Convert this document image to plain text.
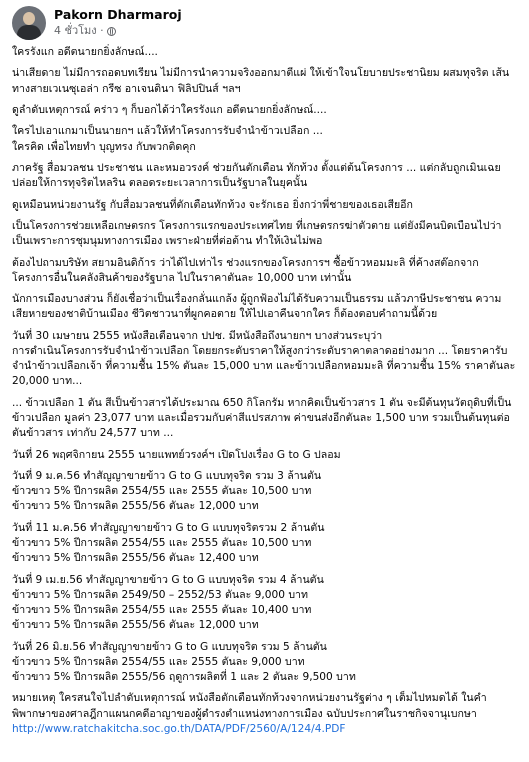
Pakorn Dharmaroj
4 ชั่วโมง ·

ใครรังแก อดีตนายกยิ่งลักษณ์....

น่าเสียดาย ไม่มีการถอดบทเรียน ไม่มีการนำความจริงออกมาตีแผ่ ให้เข้าใจนโยบายประชานิยม ผสมทุจริต เส้นทางสายเวเนซุเอล่า กรีซ อาเจนตินา ฟิลิปปินส์ ฯลฯ

ดูลำดับเหตุการณ์ คร่าว ๆ ก็บอกได้ว่าใครรังแก อดีตนายกยิ่งลักษณ์....

ใครไปเอาแกมาเป็นนายกฯ แล้วให้ทำโครงการรับจำนำข้าวเปลือก ...
ใครคิด เพื่อไทยทำ บุญทรง กับพวกติดคุก

ภาครัฐ สื่อมวลชน ประชาชน และหมอวรงค์ ช่วยกันตักเตือน ทักท้วง ตั้งแต่ต้นโครงการ ... แต่กลับถูกเมินเฉยปล่อยให้การทุจริตไหลริน ตลอดระยะเวลาการเป็นรัฐบาลในยุคนั้น

ดูเหมือนหน่วยงานรัฐ กับสื่อมวลชนที่ตักเตือนทักท้วง จะรักเธอ ยิ่งกว่าพี่ชายของเธอเสียอีก

เป็นโครงการช่วยเหลือเกษตรกร โครงการแรกของประเทศไทย ที่เกษตรกรฆ่าตัวตาย แต่ยังมีคนบิดเบือนไปว่าเป็นเพราะการชุมนุมทางการเมือง เพราะฝ่ายที่ต่อต้าน ทำให้เงินไม่พอ

ต้องไปถามบริษัท สยามอินดิก้าร ว่าได้ไปเท่าไร ช่วงแรกของโครงการฯ ซื้อข้าวหอมมะลิ ที่ค้างสต๊อกจากโครงการอื่นในคลังสินค้าของรัฐบาล ไปในราคาตันละ 10,000 บาท เท่านั้น

นักการเมืองบางส่วน ก็ยังเชื่อว่าเป็นเรื่องกลั่นแกล้ง ผู้ถูกฟ้องไม่ได้รับความเป็นธรรม แล้วภาษีประชาชน ความเสียหายของชาติบ้านเมือง ชีวิตชาวนาที่ผูกคอตาย ให้ไปเอาคืนจากใคร ก็ต้องตอบคำถามนี้ด้วย

วันที่ 30 เมษายน 2555 หนังสือเตือนจาก ปปช. มีหนังสือถึงนายกฯ บางส่วนระบุว่า
การดำเนินโครงการรับจำนำข้าวเปลือก โดยยกระดับราคาให้สูงกว่าระดับราคาตลาดอย่างมาก ... โดยราคารับจำนำข้าวเปลือกเจ้า ที่ความชื้น 15% ตันละ 15,000 บาท และข้าวเปลือกหอมมะลิ ที่ความชื้น 15% ราคาตันละ 20,000 บาท...

... ข้าวเปลือก 1 ตัน สีเป็นข้าวสารได้ประมาณ 650 กิโลกรัม หากคิดเป็นข้าวสาร 1 ตัน จะมีต้นทุนวัตถุดิบที่เป็นข้าวเปลือก มูลค่า 23,077 บาท และเมื่อรวมกับค่าสีแปรสภาพ ค่าขนส่งอีกตันละ 1,500 บาท รวมเป็นต้นทุนต่อตันข้าวสาร เท่ากับ 24,577 บาท ...

วันที่ 26 พฤศจิกายน 2555 นายแพทย์วรงค์ฯ เปิดโปงเรื่อง G to G ปลอม

วันที่ 9 ม.ค.56 ทำสัญญาขายข้าว G to G แบบทุจริต รวม 3 ล้านตัน
ข้าวขาว 5% ปีการผลิต 2554/55 และ 2555 ตันละ 10,500 บาท
ข้าวขาว 5% ปีการผลิต 2555/56 ตันละ 12,000 บาท

วันที่ 11 ม.ค.56 ทำสัญญาขายข้าว G to G แบบทุจริตรวม 2 ล้านตัน
ข้าวขาว 5% ปีการผลิต 2554/55 และ 2555 ตันละ 10,500 บาท
ข้าวขาว 5% ปีการผลิต 2555/56 ตันละ 12,400 บาท

วันที่ 9 เม.ย.56 ทำสัญญาขายข้าว G to G แบบทุจริต รวม 4 ล้านตัน
ข้าวขาว 5% ปีการผลิต 2549/50 – 2552/53 ตันละ 9,000 บาท
ข้าวขาว 5% ปีการผลิต 2554/55 และ 2555 ตันละ 10,400 บาท
ข้าวขาว 5% ปีการผลิต 2555/56 ตันละ 12,000 บาท

วันที่ 26 มิ.ย.56 ทำสัญญาขายข้าว G to G แบบทุจริต รวม 5 ล้านตัน
ข้าวขาว 5% ปีการผลิต 2554/55 และ 2555 ตันละ 9,000 บาท
ข้าวขาว 5% ปีการผลิต 2555/56 ฤดูการผลิตที่ 1 และ 2 ตันละ 9,500 บาท

หมายเหตุ ใครสนใจไปลำดับเหตุการณ์ หนังสือตักเตือนทักท้วงจากหน่วยงานรัฐต่าง ๆ เต็มไปหมดได้ ในคำพิพากษาของศาลฎีกาแผนกคดีอาญาของผู้ดำรงตำแหน่งทางการเมือง ฉบับประกาศในราชกิจจานุเบกษา

http://www.ratchakitcha.soc.go.th/DATA/PDF/2560/A/124/4.PDF
